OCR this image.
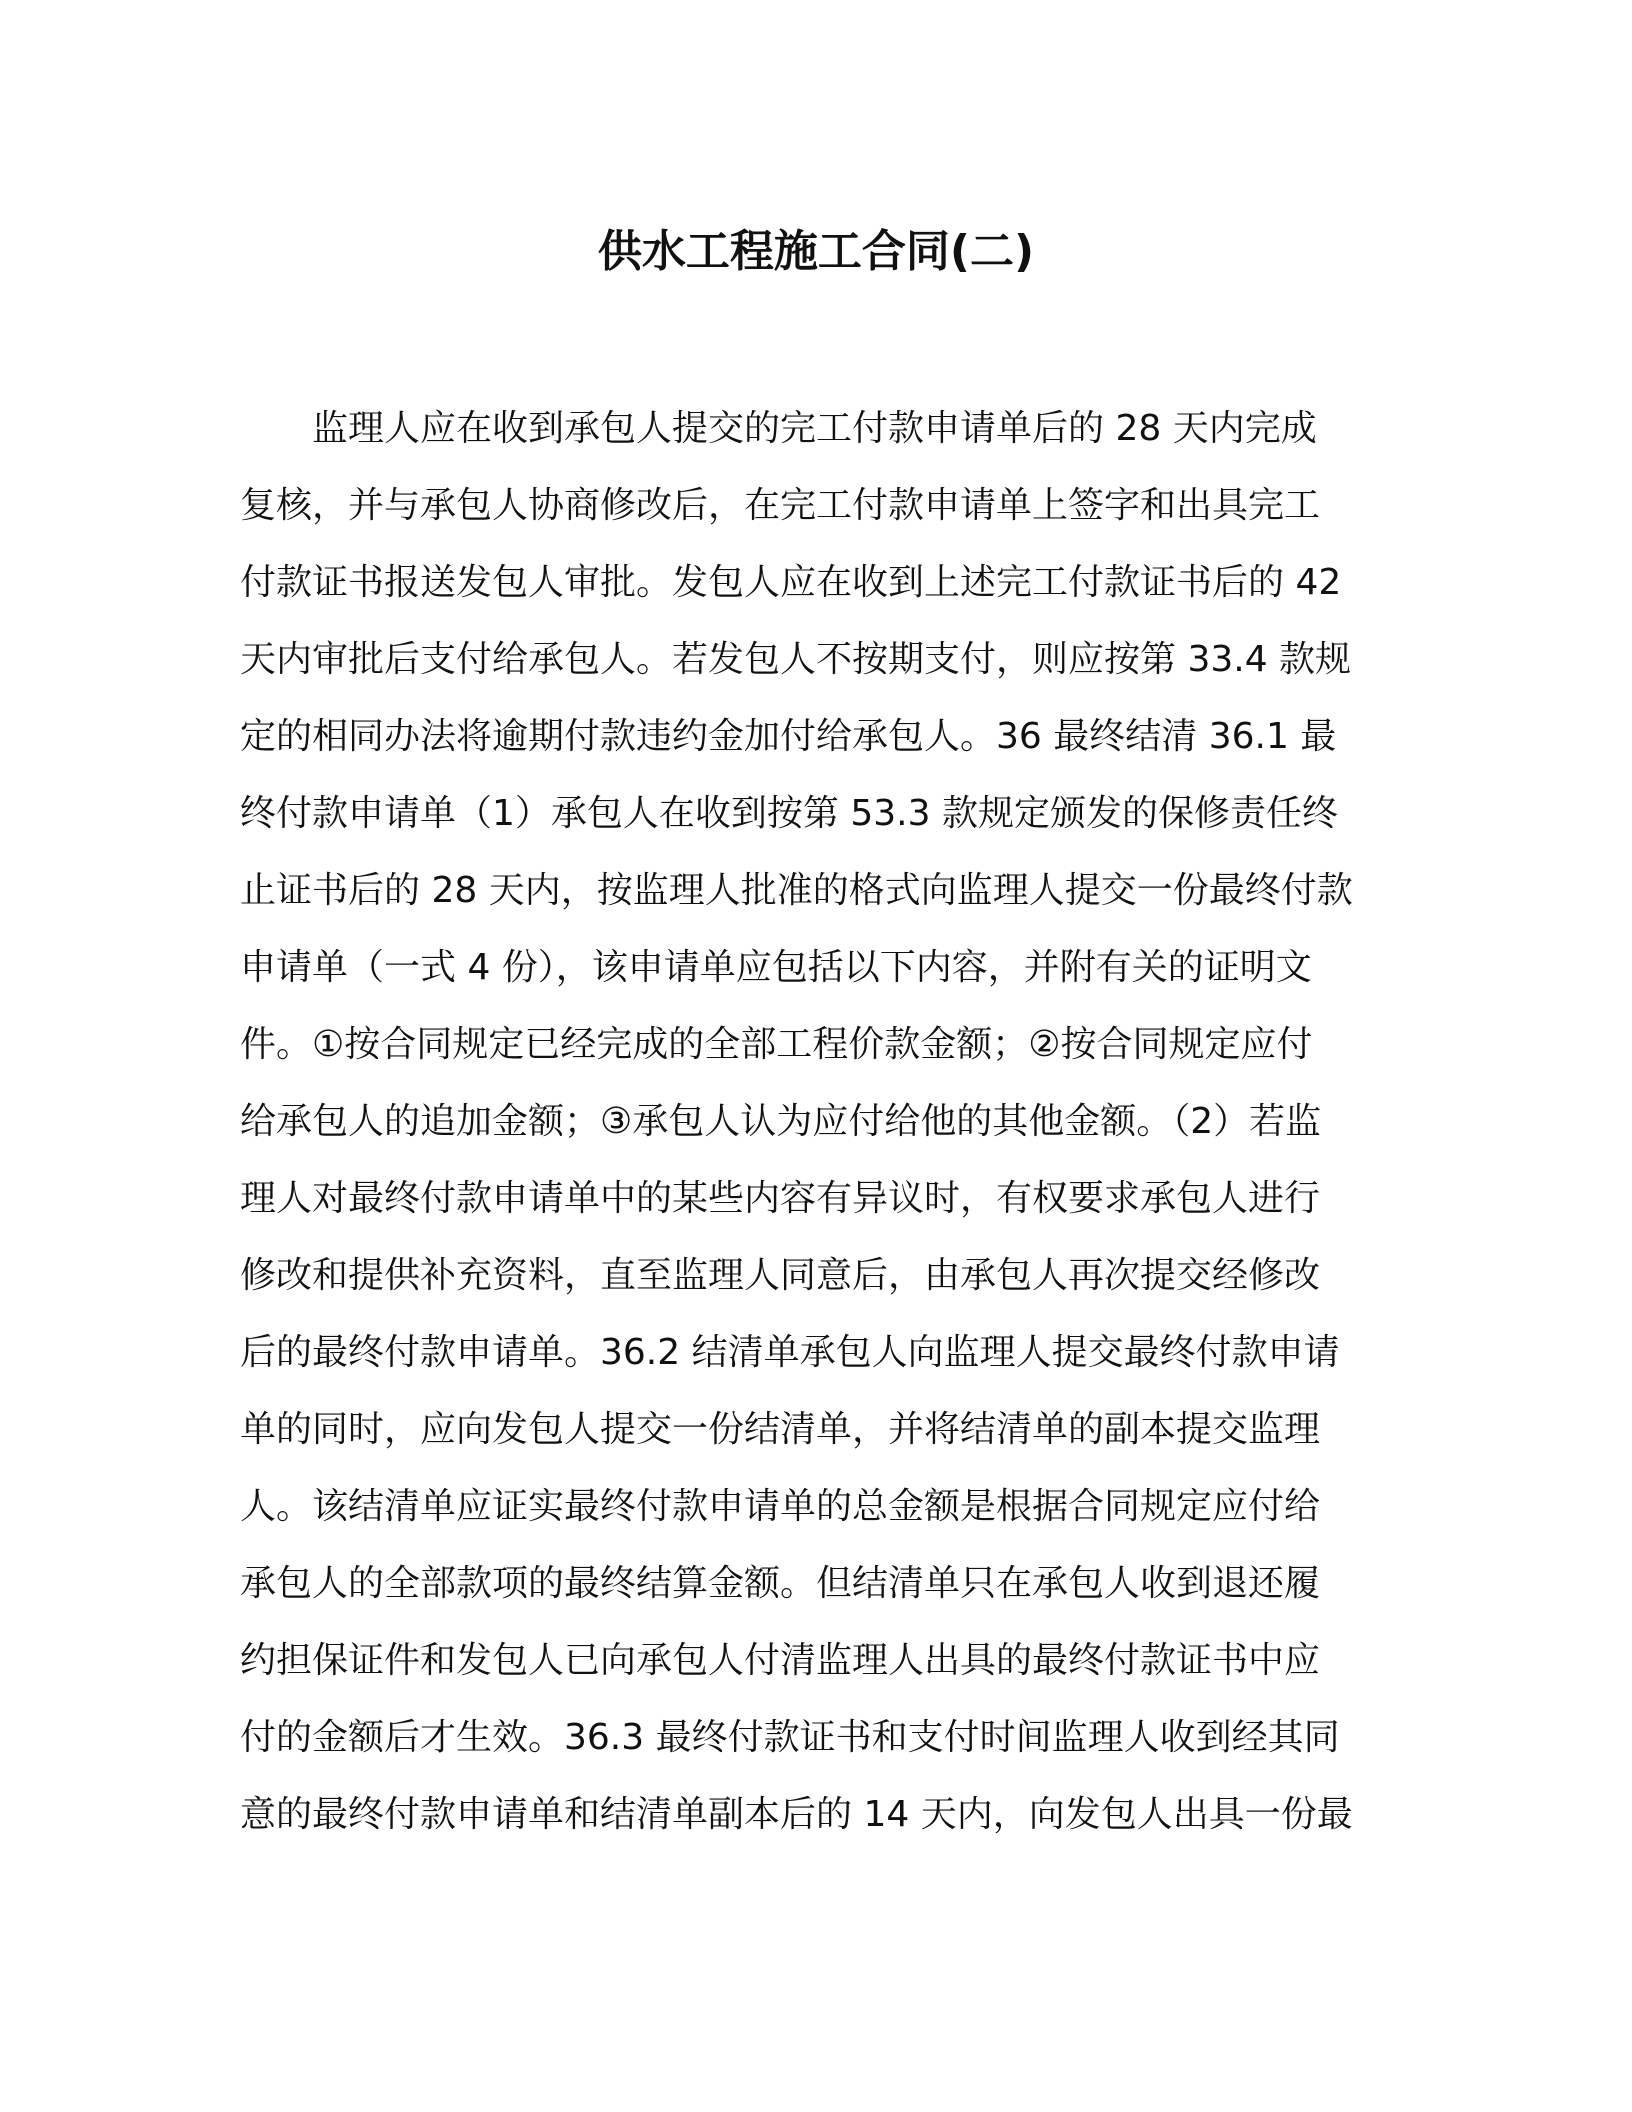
供水工程施工合同(二)
监理人应在收到承包人提交的完工付款申请单后的 28 天内完成
复核，并与承包人协商修改后，在完工付款申请单上签字和出具完工
付款证书报送发包人审批。发包人应在收到上述完工付款证书后的 42
天内审批后支付给承包人。若发包人不按期支付，则应按第 33.4 款规
定的相同办法将逾期付款违约金加付给承包人。36 最终结清 36.1 最
终付款申请单（1）承包人在收到按第 53.3 款规定颁发的保修责任终
止证书后的 28 天内，按监理人批准的格式向监理人提交一份最终付款
申请单（一式 4 份），该申请单应包括以下内容，并附有关的证明文
件。①按合同规定已经完成的全部工程价款金额；②按合同规定应付
给承包人的追加金额；③承包人认为应付给他的其他金额。（2）若监
理人对最终付款申请单中的某些内容有异议时，有权要求承包人进行
修改和提供补充资料，直至监理人同意后，由承包人再次提交经修改
后的最终付款申请单。36.2 结清单承包人向监理人提交最终付款申请
单的同时，应向发包人提交一份结清单，并将结清单的副本提交监理
人。该结清单应证实最终付款申请单的总金额是根据合同规定应付给
承包人的全部款项的最终结算金额。但结清单只在承包人收到退还履
约担保证件和发包人已向承包人付清监理人出具的最终付款证书中应
付的金额后才生效。36.3 最终付款证书和支付时间监理人收到经其同
意的最终付款申请单和结清单副本后的 14 天内，向发包人出具一份最
